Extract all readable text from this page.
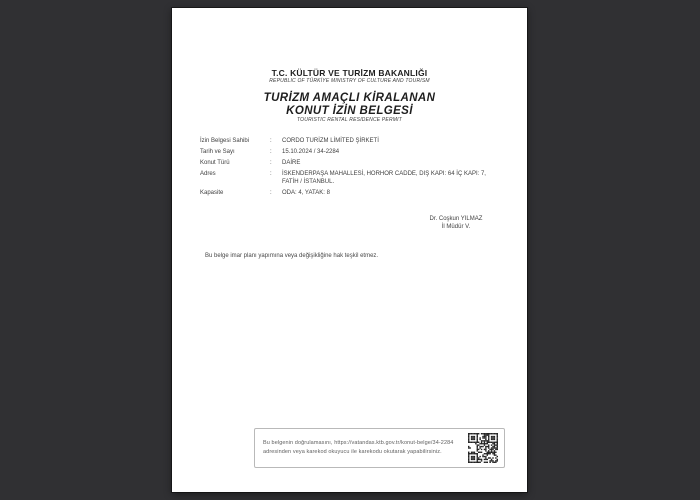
T.C. KÜLTÜR VE TURİZM BAKANLIĞI
REPUBLIC OF TÜRKİYE MINISTRY OF CULTURE AND TOURISM
TURİZM AMAÇLI KİRALANAN
KONUT İZİN BELGESİ
TOURISTIC RENTAL RESIDENCE PERMIT
İzin Belgesi Sahibi	:	CORDO TURİZM LİMİTED ŞİRKETİ
Tarih ve Sayı	:	15.10.2024 / 34-2284
Konut Türü	:	DAİRE
Adres	:	İSKENDERPAŞA MAHALLESİ, HORHOR CADDE, DIŞ KAPI: 64 İÇ KAPI: 7, FATİH / İSTANBUL.
Kapasite	:	ODA: 4, YATAK: 8
Dr. Coşkun YILMAZ
İl Müdür V.
Bu belge imar planı yapımına veya değişikliğine hak teşkil etmez.
Bu belgenin doğrulamasını, https://vatandas.ktb.gov.tr/konut-belge/34-2284
adresinden veya karekod okuyucu ile karekodu okutarak yapabilirsiniz.
